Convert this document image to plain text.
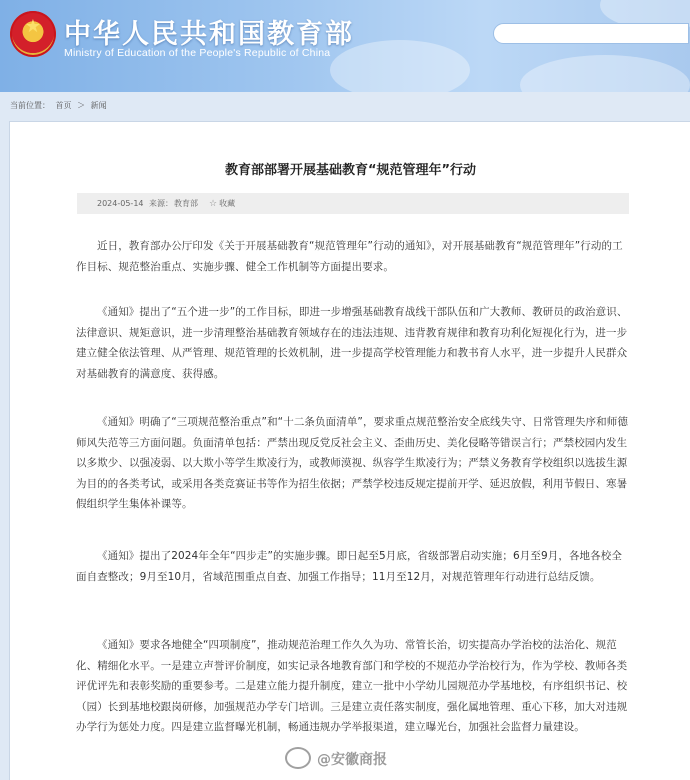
★ 中华人民共和国教育部

Ministry of Education of the People's Republic of China

当前位置： 首页 ＞ 新闻
教育部部署开展基础教育“规范管理年”行动
2024-05-14 来源： 教育部 ☆ 收藏

近日，教育部办公厅印发《关于开展基础教育“规范管理年”行动的通知》，对开展基础教育“规范管理年”行动的工作目标、规范整治重点、实施步骤、健全工作机制等方面提出要求。

《通知》提出了“五个进一步”的工作目标，即进一步增强基础教育战线干部队伍和广大教师、教研员的政治意识、法律意识、规矩意识，进一步清理整治基础教育领域存在的违法违规、违背教育规律和教育功利化短视化行为，进一步建立健全依法管理、从严管理、规范管理的长效机制，进一步提高学校管理能力和教书育人水平，进一步提升人民群众对基础教育的满意度、获得感。

《通知》明确了“三项规范整治重点”和“十二条负面清单”，要求重点规范整治安全底线失守、日常管理失序和师德师风失范等三方面问题。负面清单包括：严禁出现反党反社会主义、歪曲历史、美化侵略等错误言行；严禁校园内发生以多欺少、以强凌弱、以大欺小等学生欺凌行为，或教师漠视、纵容学生欺凌行为；严禁义务教育学校组织以选拔生源为目的的各类考试，或采用各类竞赛证书等作为招生依据；严禁学校违反规定提前开学、延迟放假，利用节假日、寒暑假组织学生集体补课等。

《通知》提出了2024年全年“四步走”的实施步骤。即日起至5月底，省级部署启动实施；6月至9月，各地各校全面自查整改；9月至10月，省域范围重点自查、加强工作指导；11月至12月，对规范管理年行动进行总结反馈。

《通知》要求各地健全“四项制度”，推动规范治理工作久久为功、常管长治，切实提高办学治校的法治化、规范化、精细化水平。一是建立声誉评价制度，如实记录各地教育部门和学校的不规范办学治校行为，作为学校、教师各类评优评先和表彰奖励的重要参考。二是建立能力提升制度，建立一批中小学幼儿园规范办学基地校，有序组织书记、校（园）长到基地校跟岗研修，加强规范办学专门培训。三是建立责任落实制度，强化属地管理、重心下移，加大对违规办学行为惩处力度。四是建立监督曝光机制，畅通违规办学举报渠道，建立曝光台，加强社会监督力量建设。

@安徽商报
